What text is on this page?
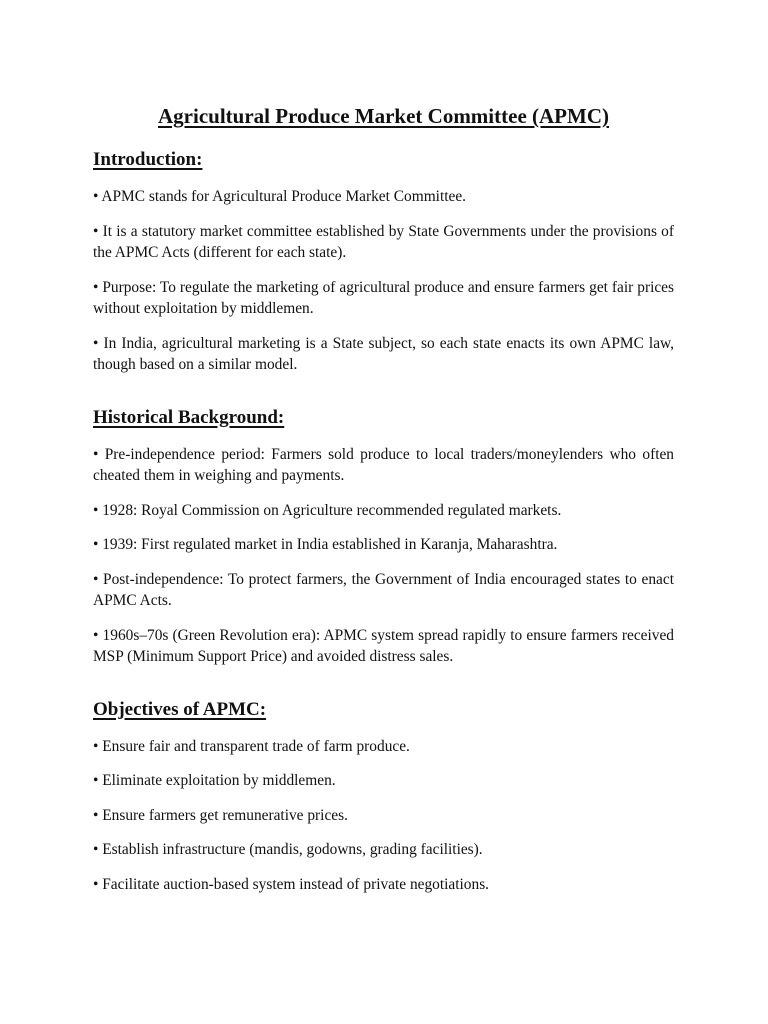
Agricultural Produce Market Committee (APMC)
Introduction:
• APMC stands for Agricultural Produce Market Committee.
• It is a statutory market committee established by State Governments under the provisions of the APMC Acts (different for each state).
• Purpose: To regulate the marketing of agricultural produce and ensure farmers get fair prices without exploitation by middlemen.
• In India, agricultural marketing is a State subject, so each state enacts its own APMC law, though based on a similar model.
Historical Background:
• Pre-independence period: Farmers sold produce to local traders/moneylenders who often cheated them in weighing and payments.
• 1928: Royal Commission on Agriculture recommended regulated markets.
• 1939: First regulated market in India established in Karanja, Maharashtra.
• Post-independence: To protect farmers, the Government of India encouraged states to enact APMC Acts.
• 1960s–70s (Green Revolution era): APMC system spread rapidly to ensure farmers received MSP (Minimum Support Price) and avoided distress sales.
Objectives of APMC:
• Ensure fair and transparent trade of farm produce.
• Eliminate exploitation by middlemen.
• Ensure farmers get remunerative prices.
• Establish infrastructure (mandis, godowns, grading facilities).
• Facilitate auction-based system instead of private negotiations.
